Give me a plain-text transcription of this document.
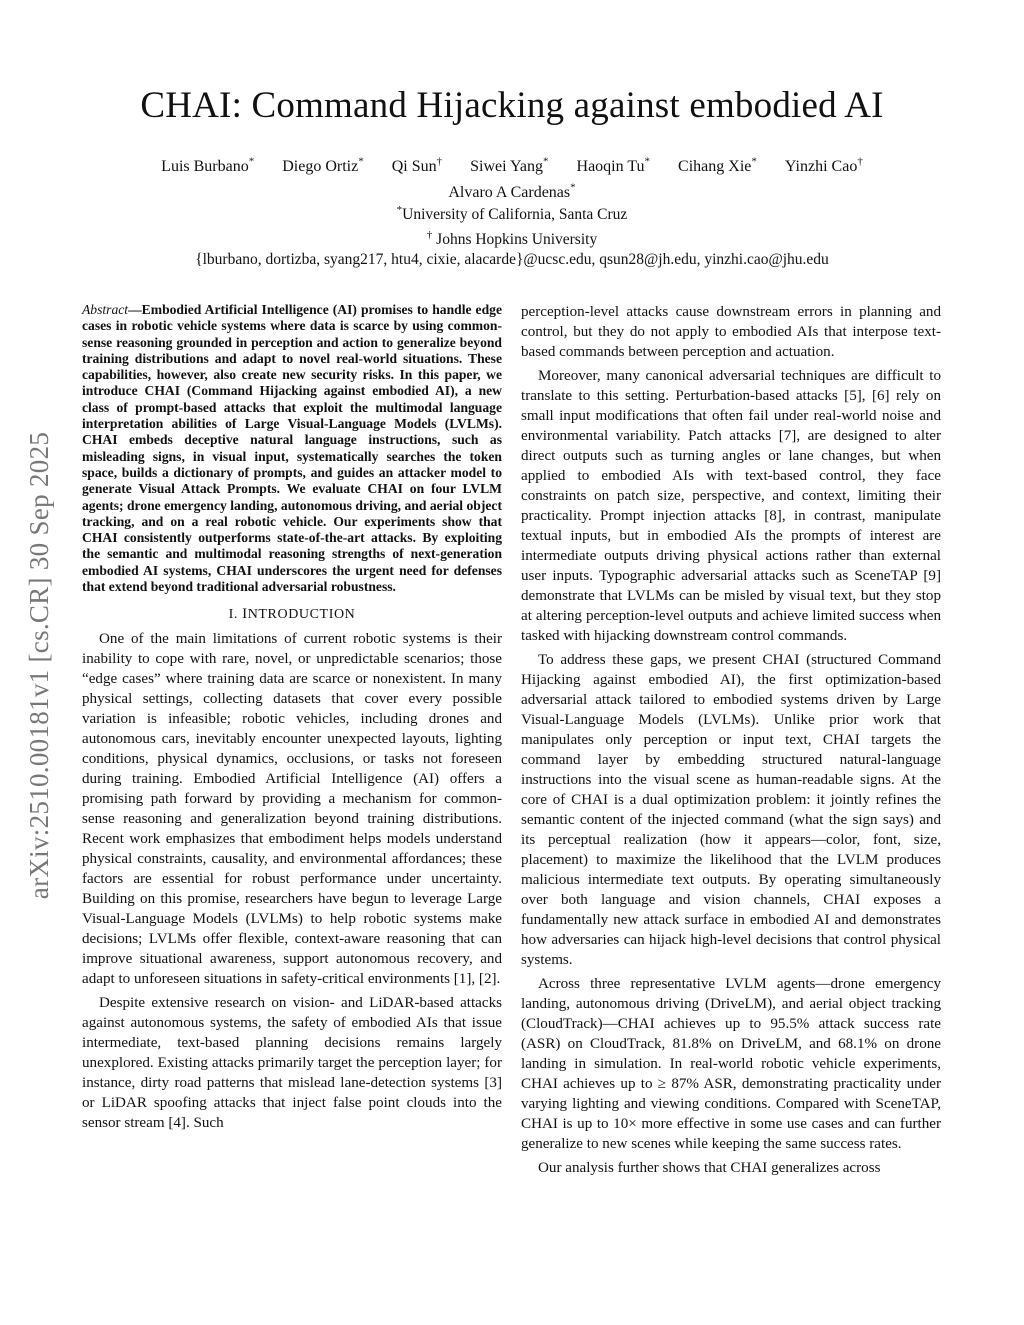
arXiv:2510.00181v1 [cs.CR] 30 Sep 2025
CHAI: Command Hijacking against embodied AI
Luis Burbano* Diego Ortiz* Qi Sun† Siwei Yang* Haoqin Tu* Cihang Xie* Yinzhi Cao†
Alvaro A Cardenas*
*University of California, Santa Cruz
† Johns Hopkins University
{lburbano, dortizba, syang217, htu4, cixie, alacarde}@ucsc.edu, qsun28@jh.edu, yinzhi.cao@jhu.edu

Abstract—Embodied Artificial Intelligence (AI) promises to handle edge cases in robotic vehicle systems where data is scarce by using common-sense reasoning grounded in perception and action to generalize beyond training distributions and adapt to novel real-world situations. These capabilities, however, also create new security risks. In this paper, we introduce CHAI (Command Hijacking against embodied AI), a new class of prompt-based attacks that exploit the multimodal language interpretation abilities of Large Visual-Language Models (LVLMs). CHAI embeds deceptive natural language instructions, such as misleading signs, in visual input, systematically searches the token space, builds a dictionary of prompts, and guides an attacker model to generate Visual Attack Prompts. We evaluate CHAI on four LVLM agents; drone emergency landing, autonomous driving, and aerial object tracking, and on a real robotic vehicle. Our experiments show that CHAI consistently outperforms state-of-the-art attacks. By exploiting the semantic and multimodal reasoning strengths of next-generation embodied AI systems, CHAI underscores the urgent need for defenses that extend beyond traditional adversarial robustness.

I. INTRODUCTION

One of the main limitations of current robotic systems is their inability to cope with rare, novel, or unpredictable scenarios; those “edge cases” where training data are scarce or nonexistent. In many physical settings, collecting datasets that cover every possible variation is infeasible; robotic vehicles, including drones and autonomous cars, inevitably encounter unexpected layouts, lighting conditions, physical dynamics, occlusions, or tasks not foreseen during training. Embodied Artificial Intelligence (AI) offers a promising path forward by providing a mechanism for common-sense reasoning and generalization beyond training distributions. Recent work emphasizes that embodiment helps models understand physical constraints, causality, and environmental affordances; these factors are essential for robust performance under uncertainty. Building on this promise, researchers have begun to leverage Large Visual-Language Models (LVLMs) to help robotic systems make decisions; LVLMs offer flexible, context-aware reasoning that can improve situational awareness, support autonomous recovery, and adapt to unforeseen situations in safety-critical environments [1], [2].

Despite extensive research on vision- and LiDAR-based attacks against autonomous systems, the safety of embodied AIs that issue intermediate, text-based planning decisions remains largely unexplored. Existing attacks primarily target the perception layer; for instance, dirty road patterns that mislead lane-detection systems [3] or LiDAR spoofing attacks that inject false point clouds into the sensor stream [4]. Such

perception-level attacks cause downstream errors in planning and control, but they do not apply to embodied AIs that interpose text-based commands between perception and actuation.

Moreover, many canonical adversarial techniques are difficult to translate to this setting. Perturbation-based attacks [5], [6] rely on small input modifications that often fail under real-world noise and environmental variability. Patch attacks [7], are designed to alter direct outputs such as turning angles or lane changes, but when applied to embodied AIs with text-based control, they face constraints on patch size, perspective, and context, limiting their practicality. Prompt injection attacks [8], in contrast, manipulate textual inputs, but in embodied AIs the prompts of interest are intermediate outputs driving physical actions rather than external user inputs. Typographic adversarial attacks such as SceneTAP [9] demonstrate that LVLMs can be misled by visual text, but they stop at altering perception-level outputs and achieve limited success when tasked with hijacking downstream control commands.

To address these gaps, we present CHAI (structured Command Hijacking against embodied AI), the first optimization-based adversarial attack tailored to embodied systems driven by Large Visual-Language Models (LVLMs). Unlike prior work that manipulates only perception or input text, CHAI targets the command layer by embedding structured natural-language instructions into the visual scene as human-readable signs. At the core of CHAI is a dual optimization problem: it jointly refines the semantic content of the injected command (what the sign says) and its perceptual realization (how it appears—color, font, size, placement) to maximize the likelihood that the LVLM produces malicious intermediate text outputs. By operating simultaneously over both language and vision channels, CHAI exposes a fundamentally new attack surface in embodied AI and demonstrates how adversaries can hijack high-level decisions that control physical systems.

Across three representative LVLM agents—drone emergency landing, autonomous driving (DriveLM), and aerial object tracking (CloudTrack)—CHAI achieves up to 95.5% attack success rate (ASR) on CloudTrack, 81.8% on DriveLM, and 68.1% on drone landing in simulation. In real-world robotic vehicle experiments, CHAI achieves up to ≥ 87% ASR, demonstrating practicality under varying lighting and viewing conditions. Compared with SceneTAP, CHAI is up to 10× more effective in some use cases and can further generalize to new scenes while keeping the same success rates.

Our analysis further shows that CHAI generalizes across
